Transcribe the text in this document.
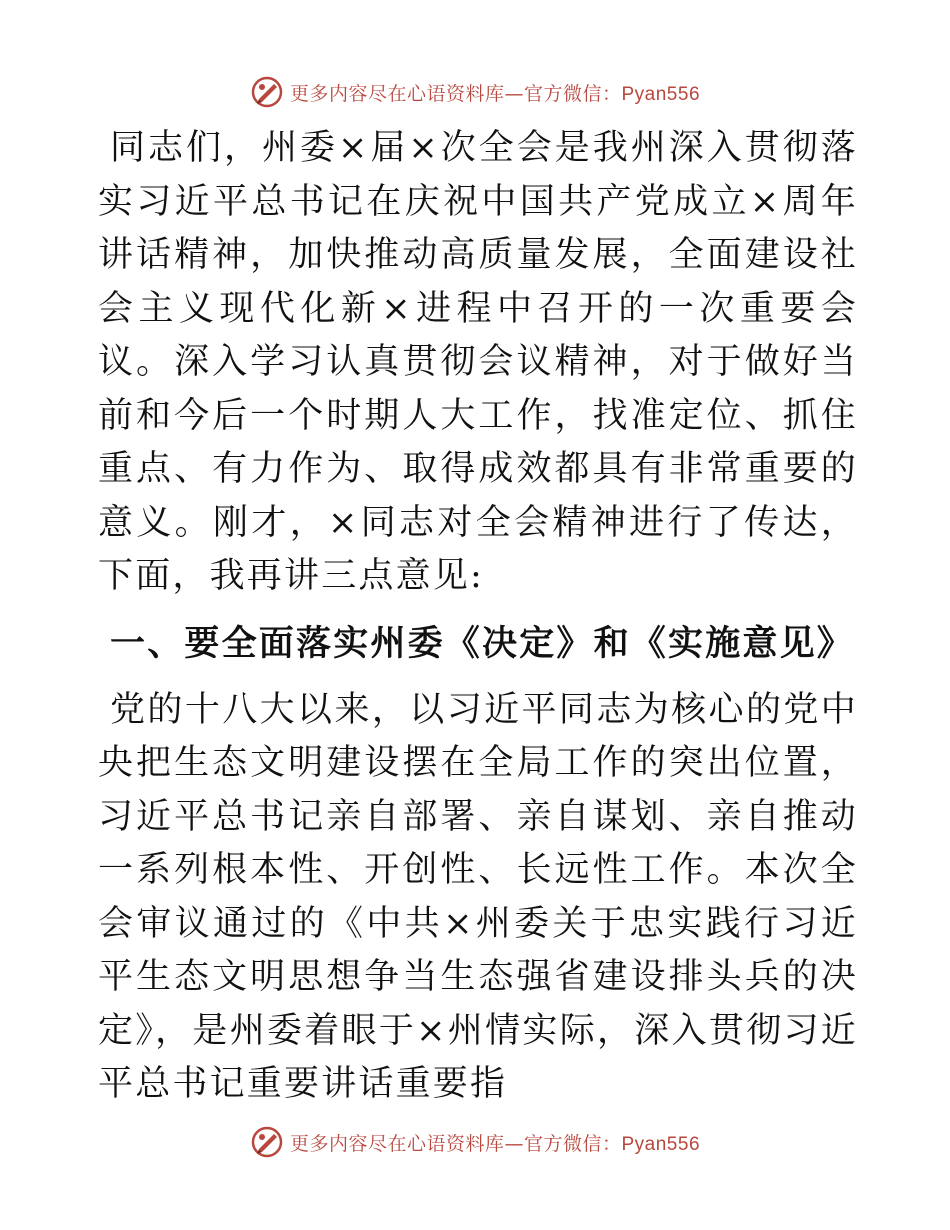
更多内容尽在心语资料库—官方微信：Pyan556

同志们，州委×届×次全会是我州深入贯彻落实习近平总书记在庆祝中国共产党成立×周年讲话精神，加快推动高质量发展，全面建设社会主义现代化新×进程中召开的一次重要会议。深入学习认真贯彻会议精神，对于做好当前和今后一个时期人大工作，找准定位、抓住重点、有力作为、取得成效都具有非常重要的意义。刚才，×同志对全会精神进行了传达，下面，我再讲三点意见:

一、要全面落实州委《决定》和《实施意见》

党的十八大以来，以习近平同志为核心的党中央把生态文明建设摆在全局工作的突出位置，习近平总书记亲自部署、亲自谋划、亲自推动一系列根本性、开创性、长远性工作。本次全会审议通过的《中共×州委关于忠实践行习近平生态文明思想争当生态强省建设排头兵的决定》，是州委着眼于×州情实际，深入贯彻习近平总书记重要讲话重要指

更多内容尽在心语资料库—官方微信：Pyan556
